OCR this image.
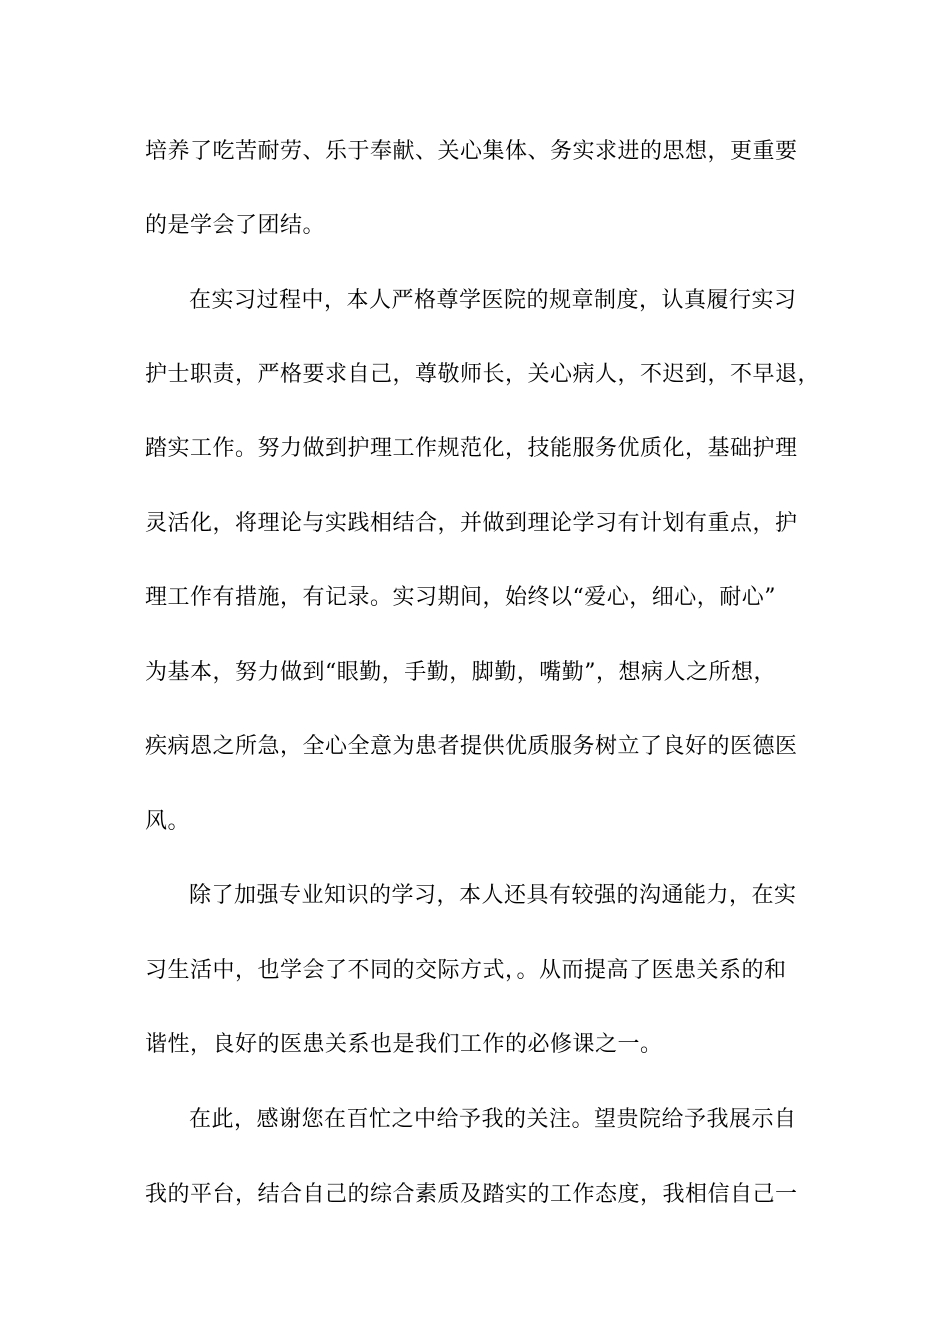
培养了吃苦耐劳、乐于奉献、关心集体、务实求进的思想，更重要
的是学会了团结。
在实习过程中，本人严格尊学医院的规章制度，认真履行实习
护士职责，严格要求自己，尊敬师长，关心病人，不迟到，不早退，
踏实工作。努力做到护理工作规范化，技能服务优质化，基础护理
灵活化，将理论与实践相结合，并做到理论学习有计划有重点，护
理工作有措施，有记录。实习期间，始终以“爱心，细心，耐心”
为基本，努力做到“眼勤，手勤，脚勤，嘴勤”，想病人之所想，
疾病恩之所急，全心全意为患者提供优质服务树立了良好的医德医
风。
除了加强专业知识的学习，本人还具有较强的沟通能力，在实
习生活中，也学会了不同的交际方式，。从而提高了医患关系的和
谐性，良好的医患关系也是我们工作的必修课之一。
在此，感谢您在百忙之中给予我的关注。望贵院给予我展示自
我的平台，结合自己的综合素质及踏实的工作态度，我相信自己一
